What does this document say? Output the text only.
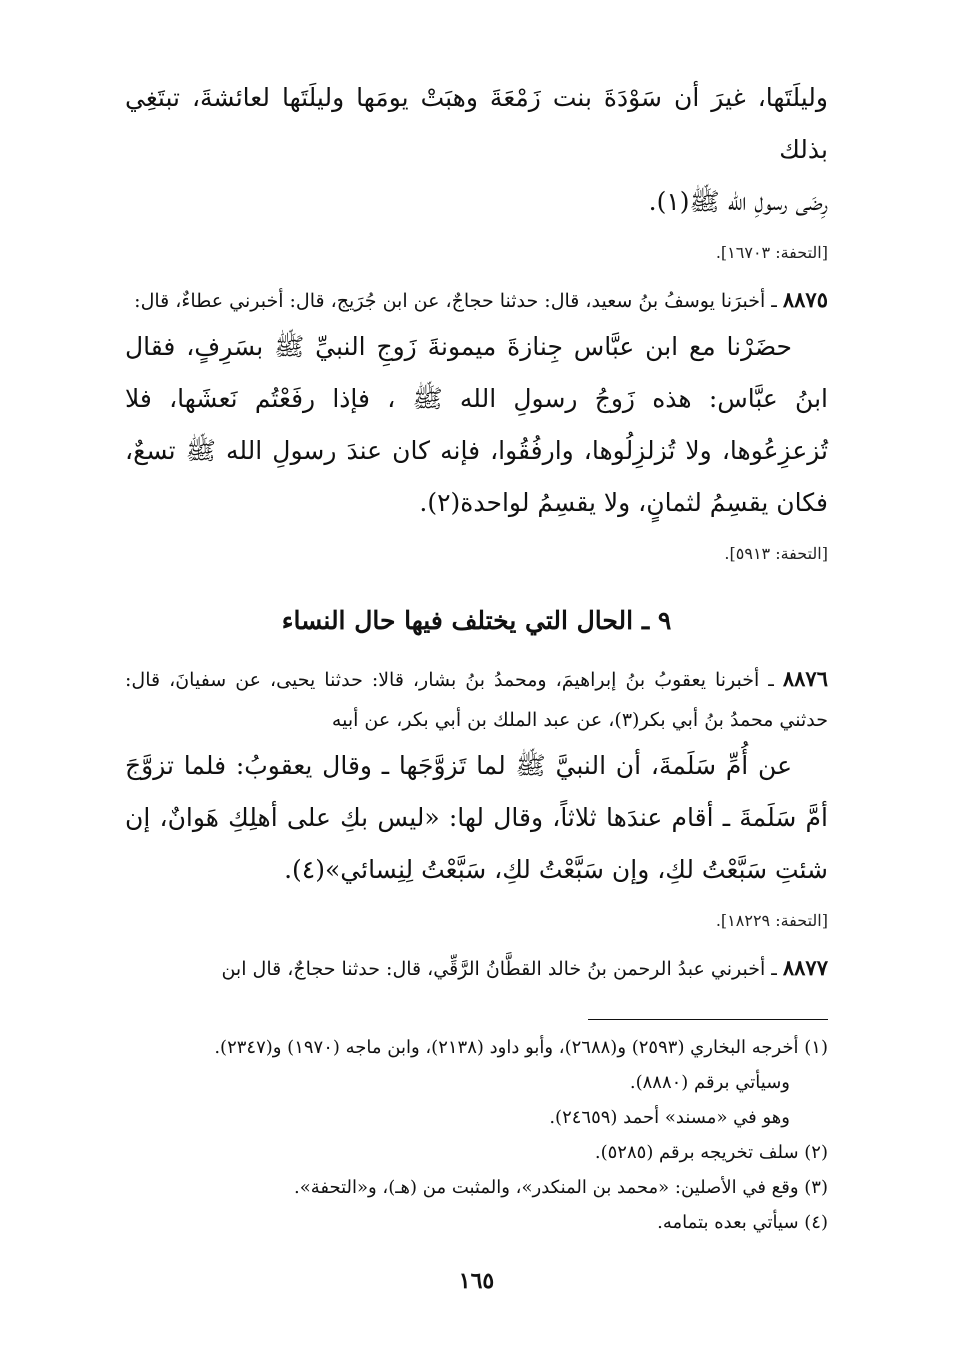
وليلَتَها، غيرَ أن سَوْدَةَ بنت زَمْعَةَ وهبَتْ يومَها وليلَتَها لعائشةَ، تبتَغِي بذلك

رِضَى رسولِ الله ﷺ(١).

[التحفة: ١٦٧٠٣].

٨٨٧٥ ـ أخبرَنا يوسفُ بنُ سعيد، قال: حدثنا حجاجٌ، عن ابن جُرَيج، قال: أخبرني عطاءٌ، قال:

حضَرْنا مع ابن عبَّاس جِنازةَ ميمونةَ زَوجِ النبيِّ ﷺ بسَرِفٍ، فقال ابنُ عبَّاس: هذه زَوجُ رسولِ الله ﷺ ، فإذا رفَعْتُم نَعشَها، فلا تُزعزِعُوها، ولا تُزلزِلُوها، وارفُقُوا، فإنه كان عندَ رسولِ الله ﷺ تسعٌ، فكان يقسِمُ لثمانٍ، ولا يقسِمُ لواحدة(٢).

[التحفة: ٥٩١٣].
٩ ـ الحال التي يختلف فيها حال النساء

٨٨٧٦ ـ أخبرنا يعقوبُ بنُ إبراهيمَ، ومحمدُ بنُ بشار، قالا: حدثنا يحيى، عن سفيانَ، قال: حدثني محمدُ بنُ أبي بكر(٣)، عن عبد الملك بن أبي بكر، عن أبيه

عن أُمِّ سَلَمةَ، أن النبيَّ ﷺ لما تَزوَّجَها ـ وقال يعقوبُ: فلما تزوَّجَ أمَّ سَلَمةَ ـ أقام عندَها ثلاثاً، وقال لها: «ليس بكِ على أهلِكِ هَوانٌ، إن شئتِ سَبَّعْتُ لكِ، وإن سَبَّعْتُ لكِ، سَبَّعْتُ لِنِسائي»(٤).

[التحفة: ١٨٢٢٩].

٨٨٧٧ ـ أخبرني عبدُ الرحمن بنُ خالد القطَّانُ الرَّقِّي، قال: حدثنا حجاجٌ، قال ابن

(١) أخرجه البخاري (٢٥٩٣) و(٢٦٨٨)، وأبو داود (٢١٣٨)، وابن ماجه (١٩٧٠) و(٢٣٤٧).
وسيأتي برقم (٨٨٨٠).
وهو في «مسند» أحمد (٢٤٦٥٩).
(٢) سلف تخريجه برقم (٥٢٨٥).
(٣) وقع في الأصلين: «محمد بن المنكدر»، والمثبت من (هـ)، و«التحفة».
(٤) سيأتي بعده بتمامه.
١٦٥
